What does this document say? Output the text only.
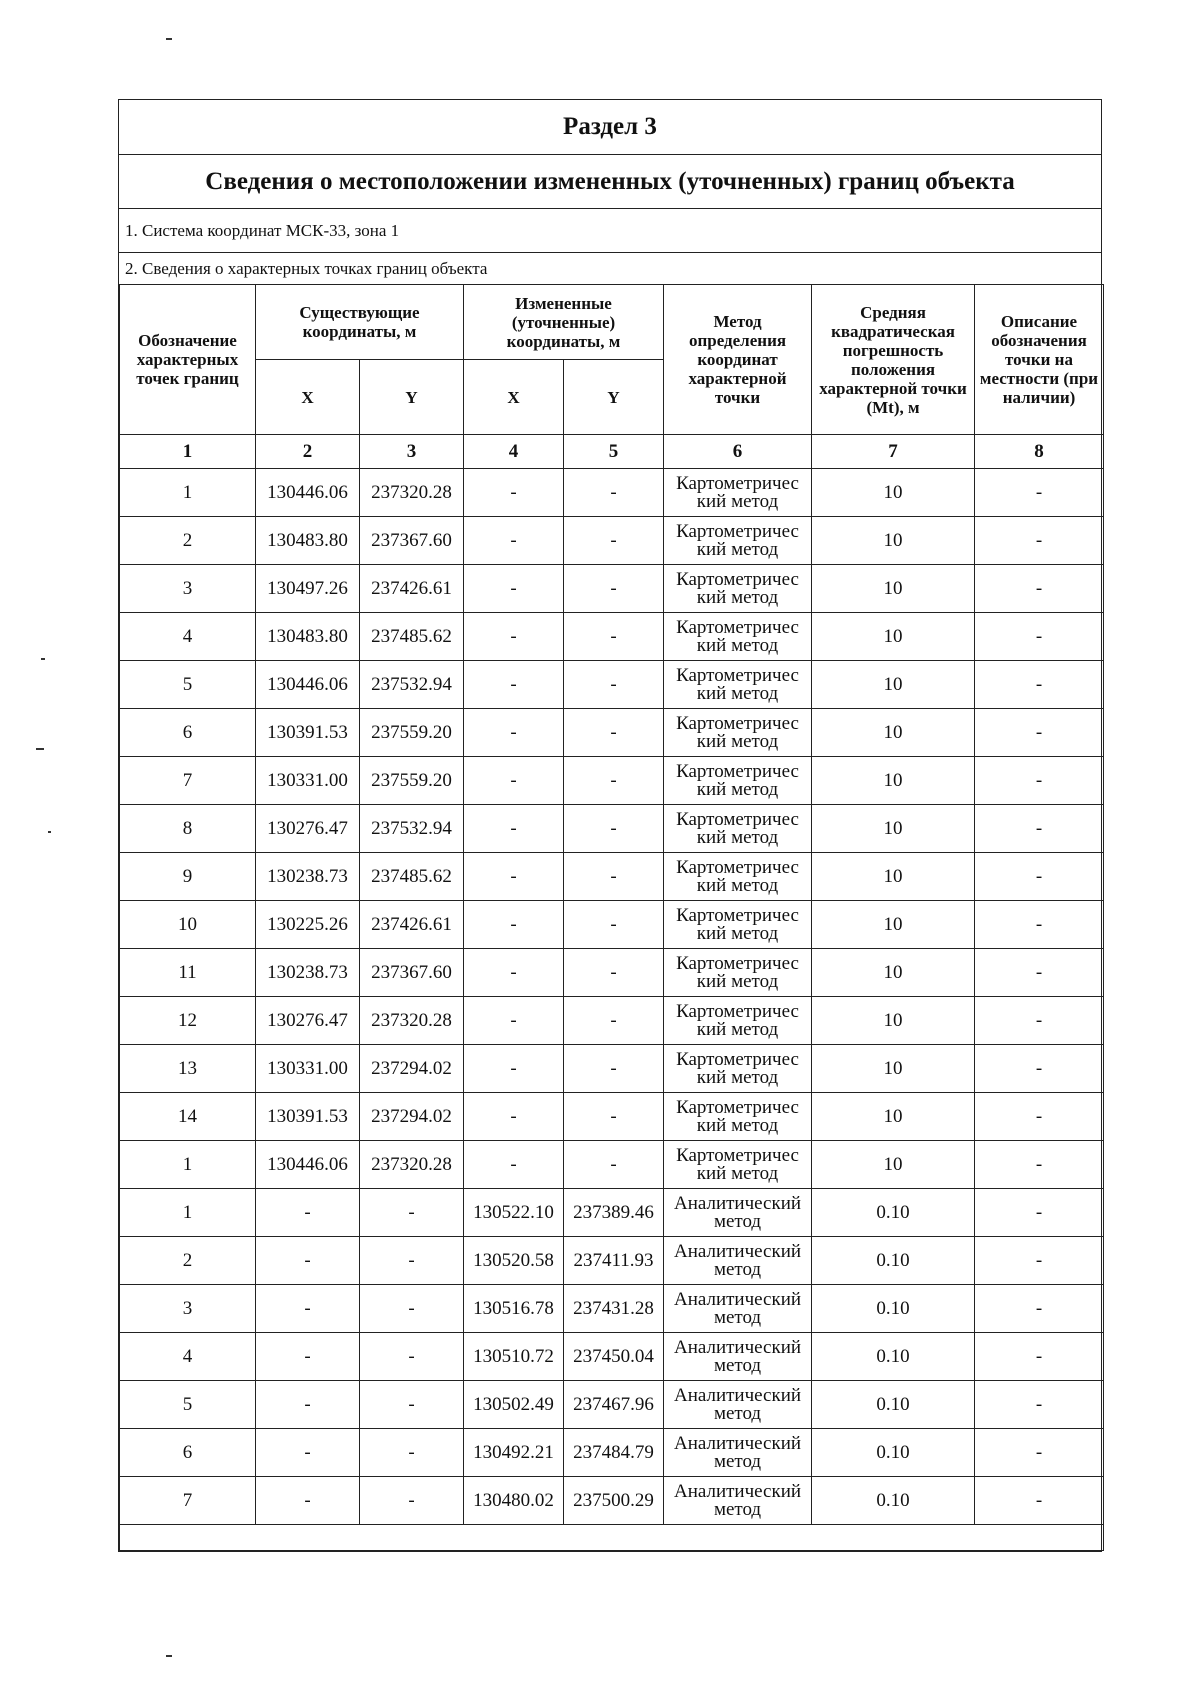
Раздел 3
Сведения о местоположении измененных (уточненных) границ объекта
1. Система координат МСК-33, зона 1
2. Сведения о характерных точках границ объекта
Обозначение характерных точек границ	Существующие координаты, м		Измененные (уточненные) координаты, м		Метод определения координат характерной точки	Средняя квадратическая погрешность положения характерной точки (Mt), м	Описание обозначения точки на местности (при наличии)
	X	Y	X	Y			
1	2	3	4	5	6	7	8
1	130446.06	237320.28	-	-	Картометричес кий метод	10	-
2	130483.80	237367.60	-	-	Картометричес кий метод	10	-
3	130497.26	237426.61	-	-	Картометричес кий метод	10	-
4	130483.80	237485.62	-	-	Картометричес кий метод	10	-
5	130446.06	237532.94	-	-	Картометричес кий метод	10	-
6	130391.53	237559.20	-	-	Картометричес кий метод	10	-
7	130331.00	237559.20	-	-	Картометричес кий метод	10	-
8	130276.47	237532.94	-	-	Картометричес кий метод	10	-
9	130238.73	237485.62	-	-	Картометричес кий метод	10	-
10	130225.26	237426.61	-	-	Картометричес кий метод	10	-
11	130238.73	237367.60	-	-	Картометричес кий метод	10	-
12	130276.47	237320.28	-	-	Картометричес кий метод	10	-
13	130331.00	237294.02	-	-	Картометричес кий метод	10	-
14	130391.53	237294.02	-	-	Картометричес кий метод	10	-
1	130446.06	237320.28	-	-	Картометричес кий метод	10	-
1	-	-	130522.10	237389.46	Аналитический метод	0.10	-
2	-	-	130520.58	237411.93	Аналитический метод	0.10	-
3	-	-	130516.78	237431.28	Аналитический метод	0.10	-
4	-	-	130510.72	237450.04	Аналитический метод	0.10	-
5	-	-	130502.49	237467.96	Аналитический метод	0.10	-
6	-	-	130492.21	237484.79	Аналитический метод	0.10	-
7	-	-	130480.02	237500.29	Аналитический метод	0.10	-
